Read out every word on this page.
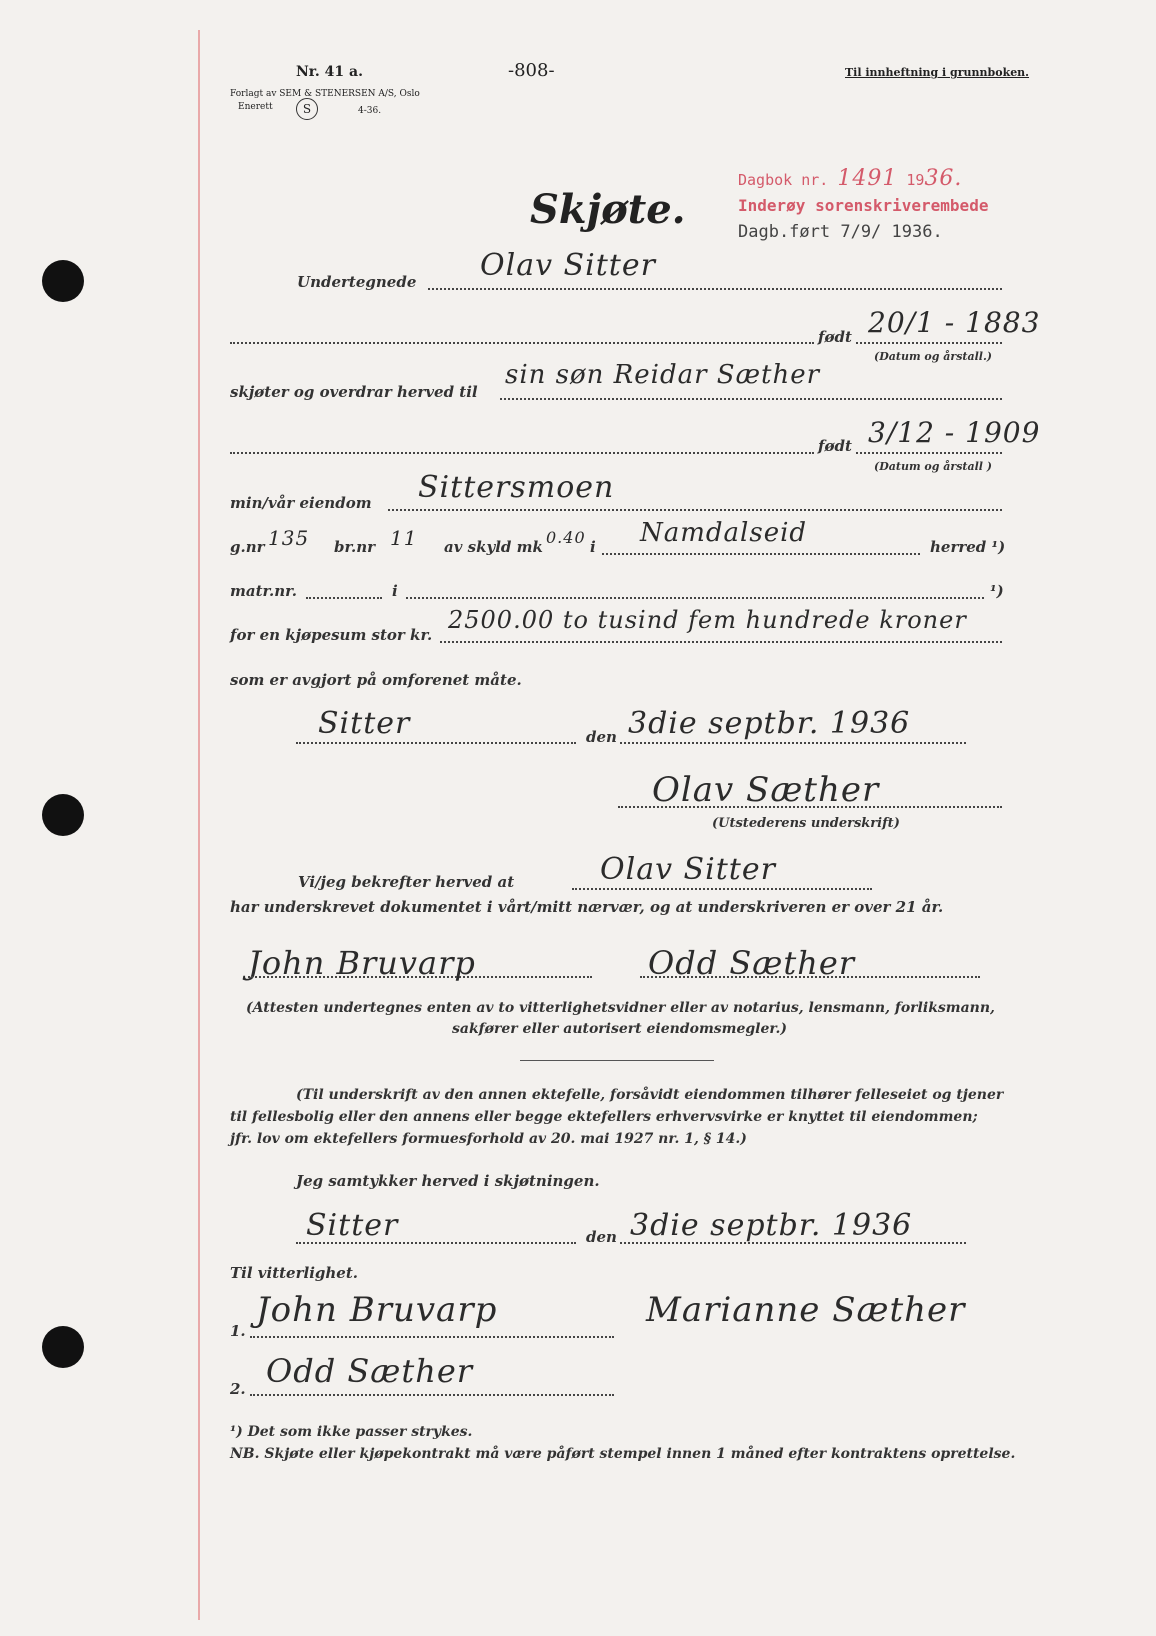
Nr. 41 a.
Forlagt av SEM & STENERSEN A/S, Oslo
Enerett	S	4-36.
-808-	Til innheftning i grunnboken.
Dagbok nr. 1491 1936.
Inderøy sorenskriverembede
Dagb.ført 7/9/ 1936.
Skjøte.
Undertegnede Olav Sitter
født 20/1 - 1883
(Datum og årstall.)
skjøter og overdrar herved til
sin søn Reidar Sæther
født 3/12 - 1909
(Datum og årstall )
min/vår eiendom Sittersmoen
g.nr 135 br.nr 11 av skyld mk 0.40 i Namdalseid	herred ¹)
matr.nr.	i	¹)
for en kjøpesum stor kr.
2500.00 to tusind fem hundrede kroner
som er avgjort på omforenet måte.
Sitter	den 3die septbr. 1936
Olav Sæther
(Utstederens underskrift)
Vi/jeg bekrefter herved at	Olav Sitter
har underskrevet dokumentet i vårt/mitt nærvær, og at underskriveren er over 21 år.
John Bruvarp	Odd Sæther
(Attesten undertegnes enten av to vitterlighetsvidner eller av notarius, lensmann, forliksmann,
sakfører eller autorisert eiendomsmegler.)
(Til underskrift av den annen ektefelle, forsåvidt eiendommen tilhører felleseiet og tjener
til fellesbolig eller den annens eller begge ektefellers erhvervsvirke er knyttet til eiendommen;
jfr. lov om ektefellers formuesforhold av 20. mai 1927 nr. 1, § 14.)
Jeg samtykker herved i skjøtningen.
Sitter	den 3die septbr. 1936
Til vitterlighet.
1.
John Bruvarp	Marianne Sæther
2. Odd Sæther
¹) Det som ikke passer strykes.
NB. Skjøte eller kjøpekontrakt må være påført stempel innen 1 måned efter kontraktens oprettelse.
